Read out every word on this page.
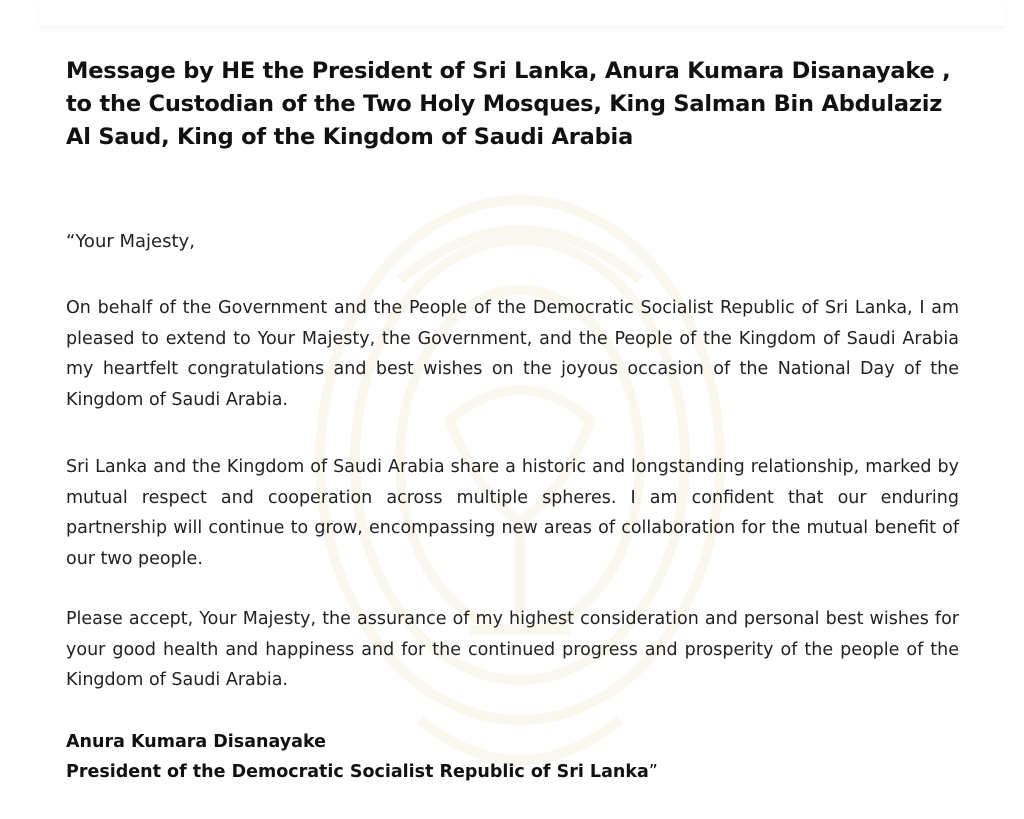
Message by HE the President of Sri Lanka, Anura Kumara Disanayake , to the Custodian of the Two Holy Mosques, King Salman Bin Abdulaziz Al Saud, King of the Kingdom of Saudi Arabia

“Your Majesty,

On behalf of the Government and the People of the Democratic Socialist Republic of Sri Lanka, I am pleased to extend to Your Majesty, the Government, and the People of the Kingdom of Saudi Arabia my heartfelt congratulations and best wishes on the joyous occasion of the National Day of the Kingdom of Saudi Arabia.

Sri Lanka and the Kingdom of Saudi Arabia share a historic and longstanding relationship, marked by mutual respect and cooperation across multiple spheres. I am confident that our enduring partnership will continue to grow, encompassing new areas of collaboration for the mutual benefit of our two people.

Please accept, Your Majesty, the assurance of my highest consideration and personal best wishes for your good health and happiness and for the continued progress and prosperity of the people of the Kingdom of Saudi Arabia.

Anura Kumara Disanayake
President of the Democratic Socialist Republic of Sri Lanka”
